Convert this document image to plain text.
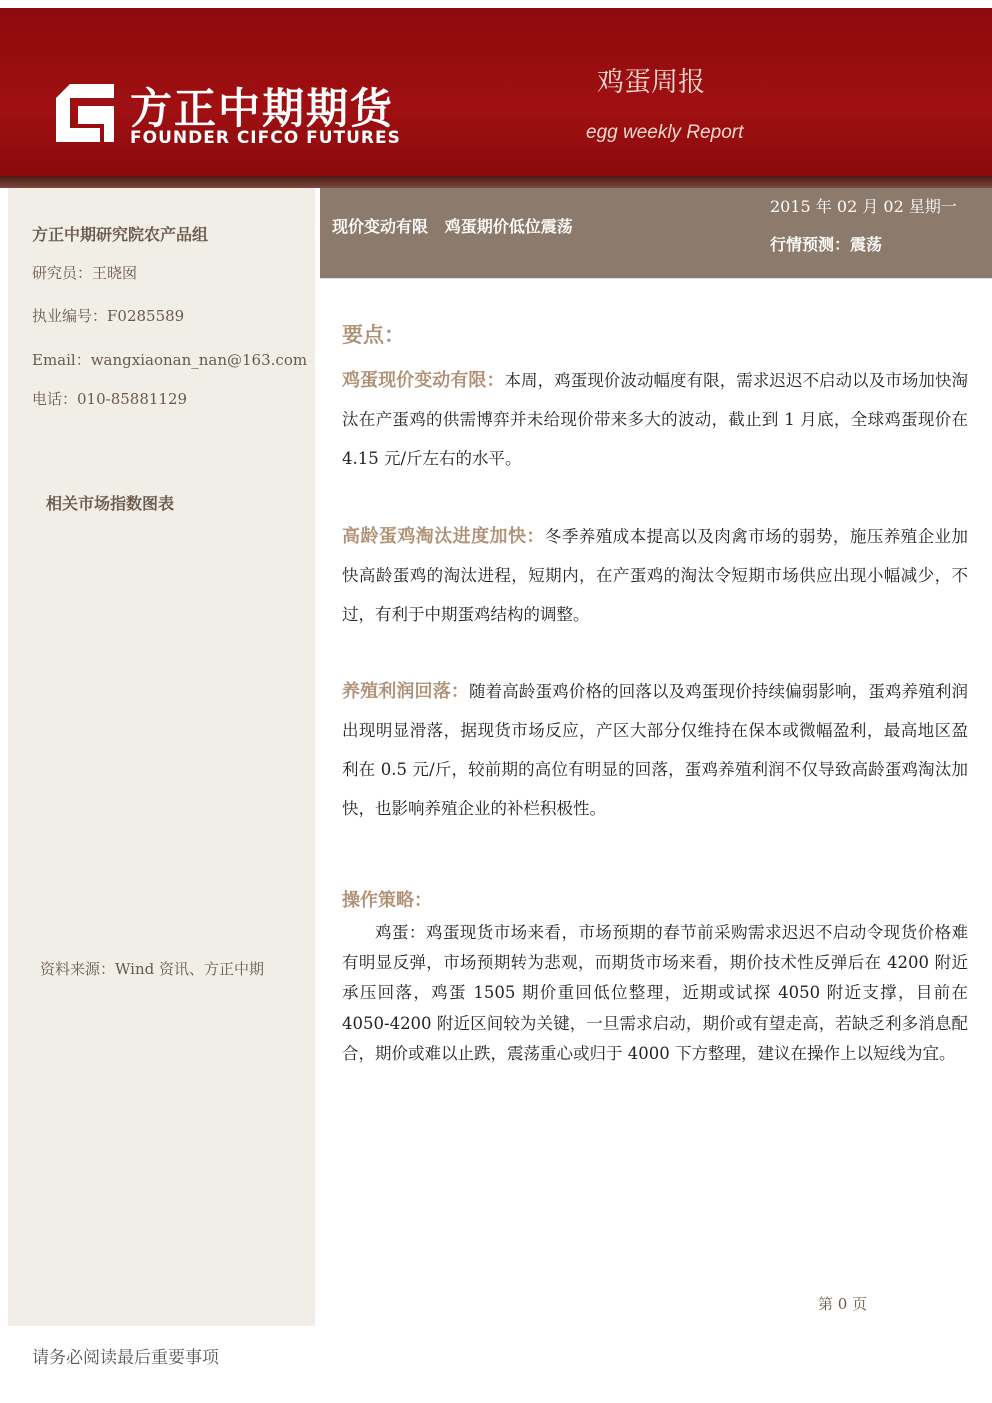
方正中期期货
FOUNDER CIFCO FUTURES
鸡蛋周报
egg weekly Report
方正中期研究院农产品组
研究员：王晓囡
执业编号：F0285589
Email：wangxiaonan_nan@163.com
电话：010-85881129
相关市场指数图表
资料来源：Wind 资讯、方正中期
现价变动有限   鸡蛋期价低位震荡
2015 年 02 月 02 星期一
行情预测：震荡
要点：
鸡蛋现价变动有限：本周，鸡蛋现价波动幅度有限，需求迟迟不启动以及市场加快淘汰在产蛋鸡的供需博弈并未给现价带来多大的波动，截止到 1 月底，全球鸡蛋现价在 4.15 元/斤左右的水平。
高龄蛋鸡淘汰进度加快：冬季养殖成本提高以及肉禽市场的弱势，施压养殖企业加快高龄蛋鸡的淘汰进程，短期内，在产蛋鸡的淘汰令短期市场供应出现小幅减少，不过，有利于中期蛋鸡结构的调整。
养殖利润回落：随着高龄蛋鸡价格的回落以及鸡蛋现价持续偏弱影响，蛋鸡养殖利润出现明显滑落，据现货市场反应，产区大部分仅维持在保本或微幅盈利，最高地区盈利在 0.5 元/斤，较前期的高位有明显的回落，蛋鸡养殖利润不仅导致高龄蛋鸡淘汰加快，也影响养殖企业的补栏积极性。
操作策略：
鸡蛋：鸡蛋现货市场来看，市场预期的春节前采购需求迟迟不启动令现货价格难有明显反弹，市场预期转为悲观，而期货市场来看，期价技术性反弹后在 4200 附近承压回落，鸡蛋 1505 期价重回低位整理，近期或试探 4050 附近支撑，目前在 4050-4200 附近区间较为关键，一旦需求启动，期价或有望走高，若缺乏利多消息配合，期价或难以止跌，震荡重心或归于 4000 下方整理，建议在操作上以短线为宜。
第 0 页
请务必阅读最后重要事项
